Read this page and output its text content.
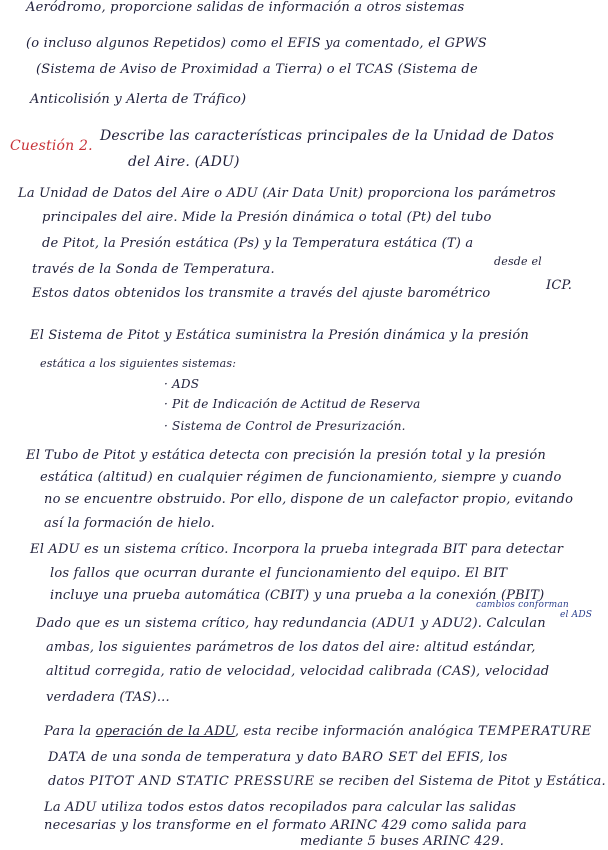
Aeródromo, proporcione salidas de información a otros sistemas
(o incluso algunos Repetidos) como el EFIS ya comentado, el GPWS
(Sistema de Aviso de Proximidad a Tierra) o el TCAS (Sistema de
Anticolisión y Alerta de Tráfico)
Cuestión 2.
Describe las características principales de la Unidad de Datos
del Aire. (ADU)
La Unidad de Datos del Aire o ADU (Air Data Unit) proporciona los parámetros
principales del aire. Mide la Presión dinámica o total (Pt) del tubo
de Pitot, la Presión estática (Ps) y la Temperatura estática (T) a
través de la Sonda de Temperatura.
desde el
Estos datos obtenidos los transmite a través del ajuste barométrico
ICP.
El Sistema de Pitot y Estática suministra la Presión dinámica y la presión
estática a los siguientes sistemas:
· ADS
· Pit de Indicación de Actitud de Reserva
· Sistema de Control de Presurización.
El Tubo de Pitot y estática detecta con precisión la presión total y la presión
estática (altitud) en cualquier régimen de funcionamiento, siempre y cuando
no se encuentre obstruido. Por ello, dispone de un calefactor propio, evitando
así la formación de hielo.
El ADU es un sistema crítico. Incorpora la prueba integrada BIT para detectar
los fallos que ocurran durante el funcionamiento del equipo. El BIT
incluye una prueba automática (CBIT) y una prueba a la conexión (PBIT)
cambios conforman
el ADS
Dado que es un sistema crítico, hay redundancia (ADU1 y ADU2). Calculan
ambas, los siguientes parámetros de los datos del aire: altitud estándar,
altitud corregida, ratio de velocidad, velocidad calibrada (CAS), velocidad
verdadera (TAS)...
Para la operación de la ADU, esta recibe información analógica TEMPERATURE
DATA de una sonda de temperatura y dato BARO SET del EFIS, los
datos PITOT AND STATIC PRESSURE se reciben del Sistema de Pitot y Estática.
La ADU utiliza todos estos datos recopilados para calcular las salidas
necesarias y los transforme en el formato ARINC 429 como salida para
mediante 5 buses ARINC 429.
